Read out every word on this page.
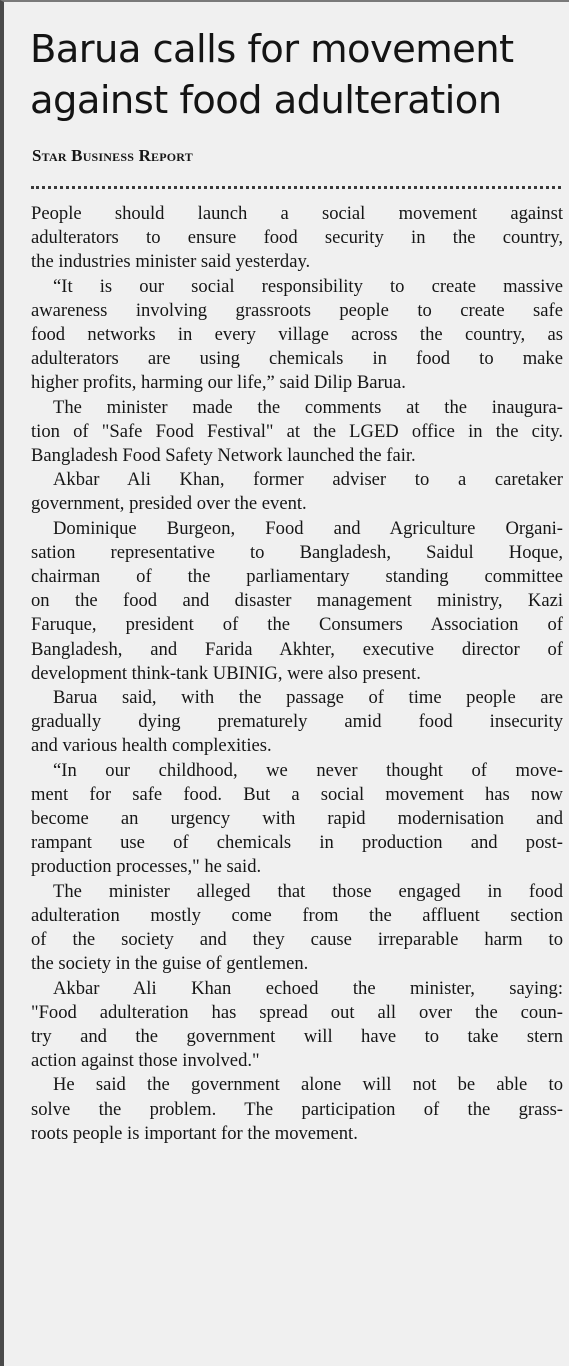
Barua calls for movement
against food adulteration
Star Business Report
People should launch a social movement against
adulterators to ensure food security in the country,
the industries minister said yesterday.
“It is our social responsibility to create massive
awareness involving grassroots people to create safe
food networks in every village across the country, as
adulterators are using chemicals in food to make
higher profits, harming our life,” said Dilip Barua.
The minister made the comments at the inaugura-
tion of "Safe Food Festival" at the LGED office in the city.
Bangladesh Food Safety Network launched the fair.
Akbar Ali Khan, former adviser to a caretaker
government, presided over the event.
Dominique Burgeon, Food and Agriculture Organi-
sation representative to Bangladesh, Saidul Hoque,
chairman of the parliamentary standing committee
on the food and disaster management ministry, Kazi
Faruque, president of the Consumers Association of
Bangladesh, and Farida Akhter, executive director of
development think-tank UBINIG, were also present.
Barua said, with the passage of time people are
gradually dying prematurely amid food insecurity
and various health complexities.
“In our childhood, we never thought of move-
ment for safe food. But a social movement has now
become an urgency with rapid modernisation and
rampant use of chemicals in production and post-
production processes," he said.
The minister alleged that those engaged in food
adulteration mostly come from the affluent section
of the society and they cause irreparable harm to
the society in the guise of gentlemen.
Akbar Ali Khan echoed the minister, saying:
"Food adulteration has spread out all over the coun-
try and the government will have to take stern
action against those involved."
He said the government alone will not be able to
solve the problem. The participation of the grass-
roots people is important for the movement.
